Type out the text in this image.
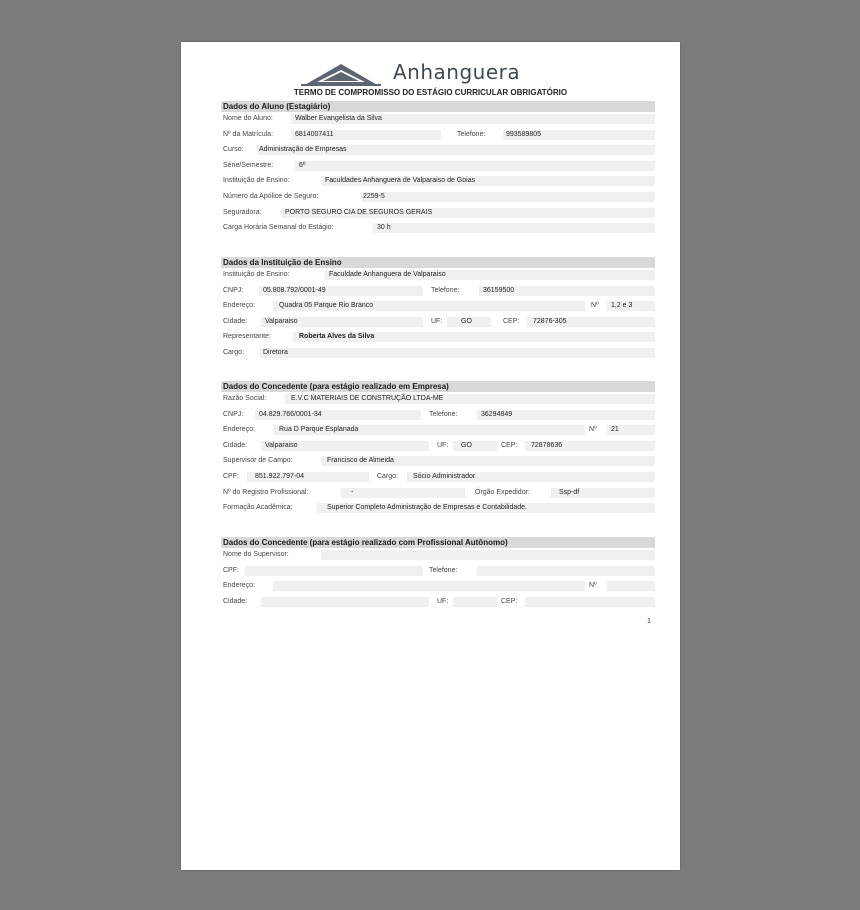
Anhanguera
TERMO DE COMPROMISSO DO ESTÁGIO CURRICULAR OBRIGATÓRIO
Dados do Aluno (Estagiário)
Nome do Aluno:	Walber Evangelista da Silva
Nº da Matrícula:	6814007411	Telefone:	993589805
Curso: Administração de Empresas
Série/Semestre:	6º
Instituição de Ensino:	Faculdades Anhanguera de Valparaiso de Goias
Número da Apólice de Seguro:	2259-5
Seguradora:	PORTO SEGURO CIA DE SEGUROS GERAIS
Carga Horária Semanal do Estágio:	30 h
Dados da Instituição de Ensino
Instituição de Ensino:	Faculdade Anhanguera de Valparaiso
CNPJ:	05.808.792/0001-49	Telefone:	36159500
Endereço:	Quadra 05 Parque Rio Branco	Nº 1,2 e 3
Cidade:	Valparaiso	UF:	GO	CEP: 72876-305
Representante:	Roberta Alves da Silva
Cargo:	Diretora
Dados do Concedente (para estágio realizado em Empresa)
Razão Social:	E.V.C MATERIAIS DE CONSTRUÇÃO LTDA-ME
CNPJ: 04.829.766/0001-34	Telefone:	36294849
Endereço:	Rua D Parque Esplanada	Nº 21
Cidade:	Valparaiso	UF: GO	CEP: 72878636
Supervisor de Campo:	Francisco de Almeida
CPF: 851.922.797-04	Cargo: Sócio Administrador
Nº do Registro Profissional:	-	Órgão Expedidor:	Ssp-df
Formação Acadêmica:	Superior Completo Administração de Empresas e Contabilidade.
Dados do Concedente (para estágio realizado com Profissional Autônomo)
Nome do Supervisor:
CPF:	Telefone:
Endereço:	Nº
Cidade:	UF:	CEP:
1
